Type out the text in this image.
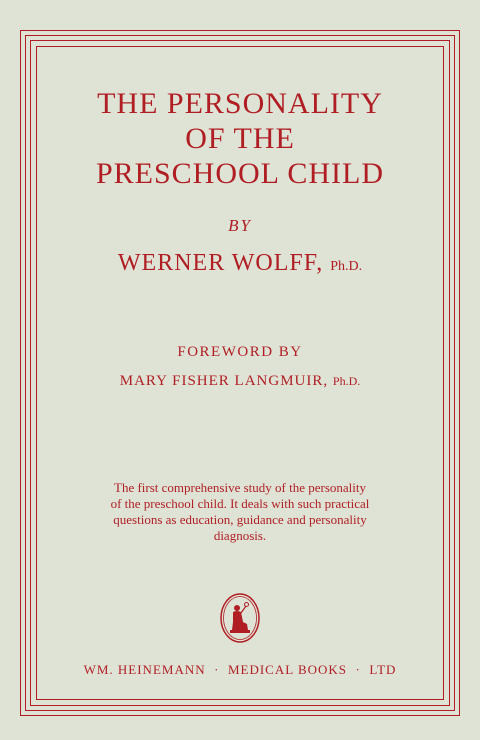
THE PERSONALITY
OF THE
PRESCHOOL CHILD
BY
WERNER WOLFF, Ph.D.
FOREWORD BY
MARY FISHER LANGMUIR, Ph.D.
The first comprehensive study of the personality of the preschool child. It deals with such practical questions as education, guidance and personality diagnosis.
WM. HEINEMANN · MEDICAL BOOKS · LTD
